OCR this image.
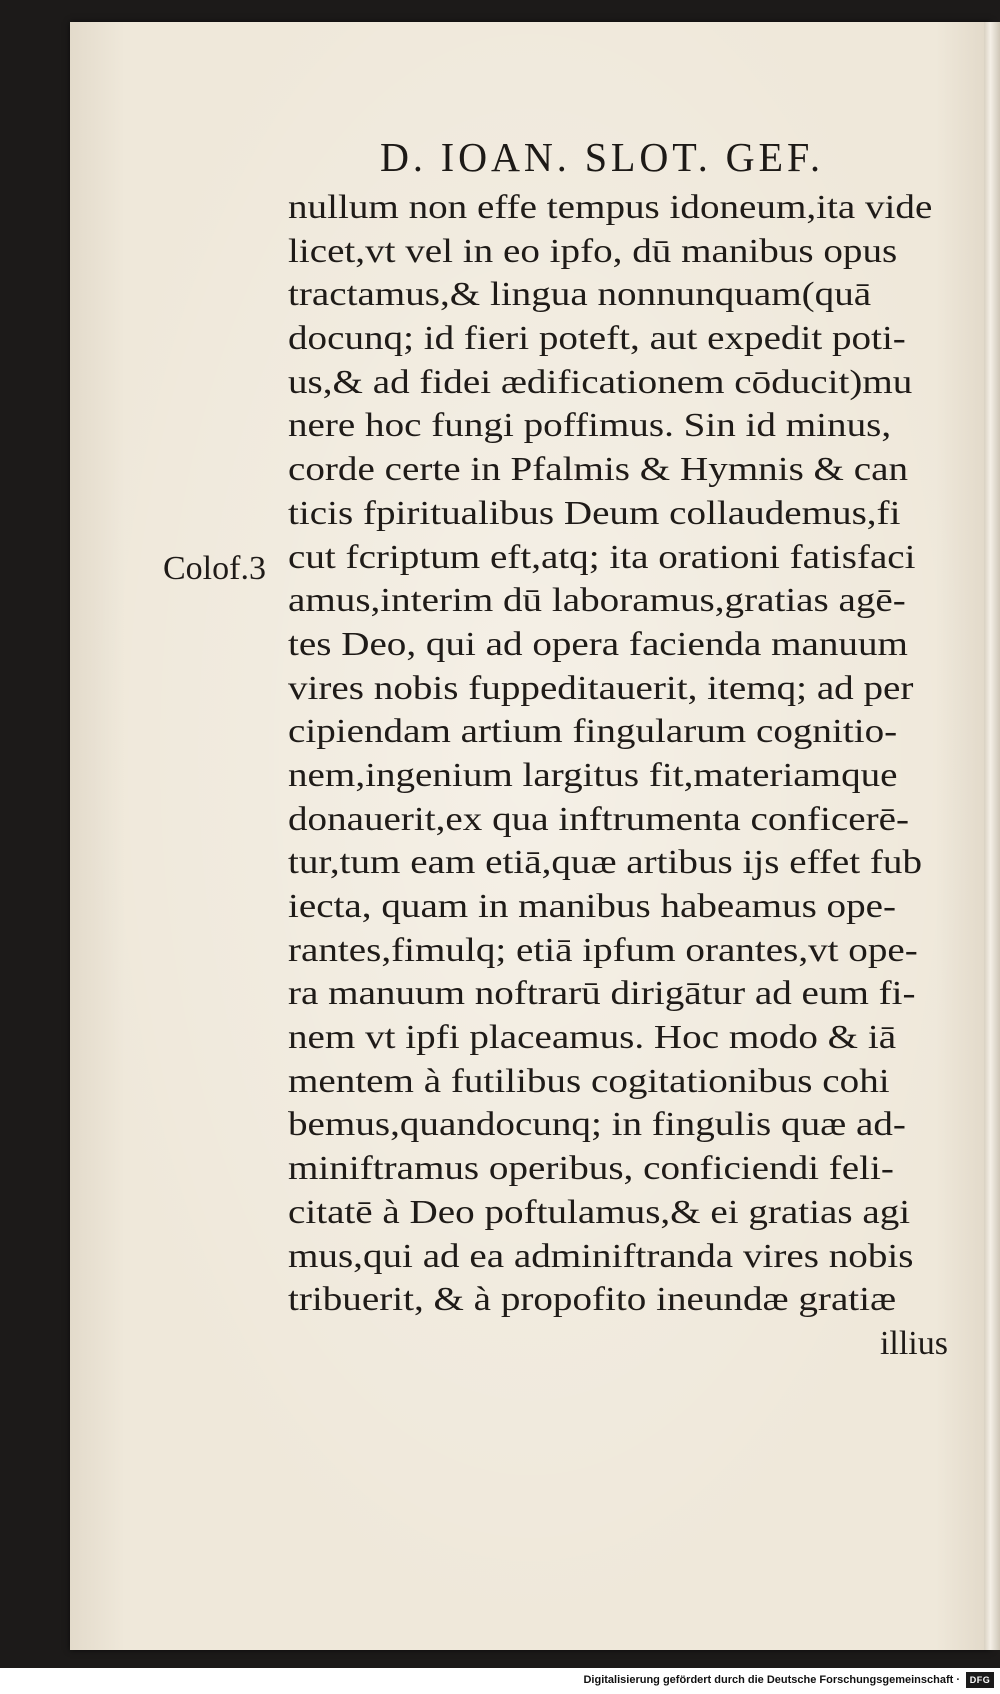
D. IOAN. SLOT. GEF.
Colof.3
nullum non effe tempus idoneum,ita vide
licet,vt vel in eo ipfo, dū manibus opus
tractamus,& lingua nonnunquam(quā
docunq; id fieri poteft, aut expedit poti-
us,& ad fidei ædificationem cōducit)mu
nere hoc fungi poffimus. Sin id minus,
corde certe in Pfalmis & Hymnis & can
ticis fpiritualibus Deum collaudemus,fi
cut fcriptum eft,atq; ita orationi fatisfaci
amus,interim dū laboramus,gratias agē-
tes Deo, qui ad opera facienda manuum
vires nobis fuppeditauerit, itemq; ad per
cipiendam artium fingularum cognitio-
nem,ingenium largitus fit,materiamque
donauerit,ex qua inftrumenta conficerē-
tur,tum eam etiā,quæ artibus ijs effet fub
iecta, quam in manibus habeamus ope-
rantes,fimulq; etiā ipfum orantes,vt ope-
ra manuum noftrarū dirigātur ad eum fi-
nem vt ipfi placeamus. Hoc modo & iā
mentem à futilibus cogitationibus cohi
bemus,quandocunq; in fingulis quæ ad-
miniftramus operibus, conficiendi feli-
citatē à Deo poftulamus,& ei gratias agi
mus,qui ad ea adminiftranda vires nobis
tribuerit, & à propofito ineundæ gratiæ
illius
Digitalisierung gefördert durch die Deutsche Forschungsgemeinschaft ·	DFG
